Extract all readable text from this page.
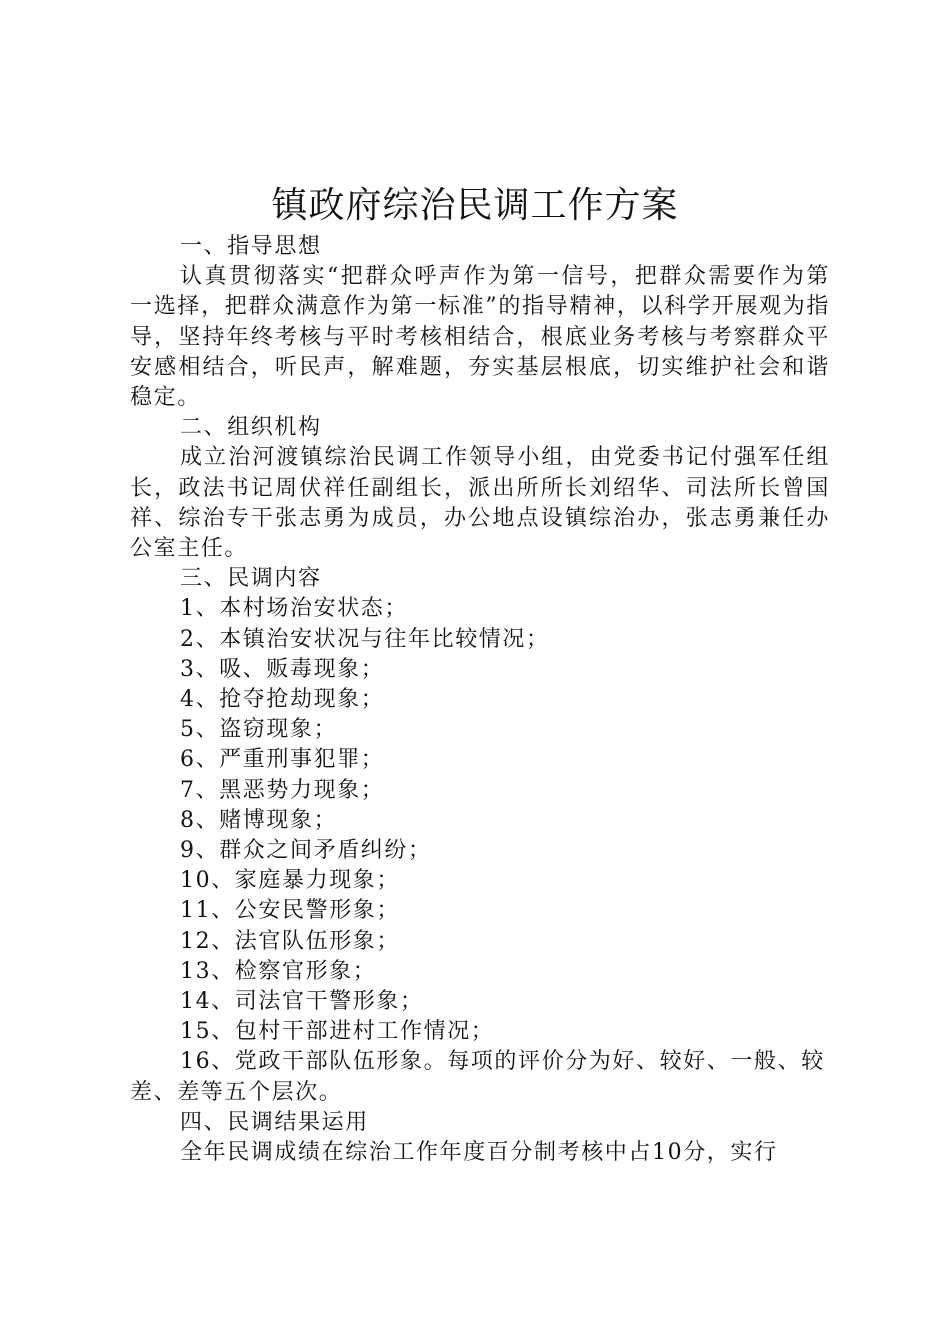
镇政府综治民调工作方案
一、指导思想
认真贯彻落实“把群众呼声作为第一信号，把群众需要作为第一选择，把群众满意作为第一标准”的指导精神，以科学开展观为指导，坚持年终考核与平时考核相结合，根底业务考核与考察群众平安感相结合，听民声，解难题，夯实基层根底，切实维护社会和谐稳定。
二、组织机构
成立治河渡镇综治民调工作领导小组，由党委书记付强军任组长，政法书记周伏祥任副组长，派出所所长刘绍华、司法所长曾国祥、综治专干张志勇为成员，办公地点设镇综治办，张志勇兼任办公室主任。
三、民调内容
1、本村场治安状态；
2、本镇治安状况与往年比较情况；
3、吸、贩毒现象；
4、抢夺抢劫现象；
5、盗窃现象；
6、严重刑事犯罪；
7、黑恶势力现象；
8、赌博现象；
9、群众之间矛盾纠纷；
10、家庭暴力现象；
11、公安民警形象；
12、法官队伍形象；
13、检察官形象；
14、司法官干警形象；
15、包村干部进村工作情况；
16、党政干部队伍形象。每项的评价分为好、较好、一般、较差、差等五个层次。
四、民调结果运用
全年民调成绩在综治工作年度百分制考核中占10分，实行
